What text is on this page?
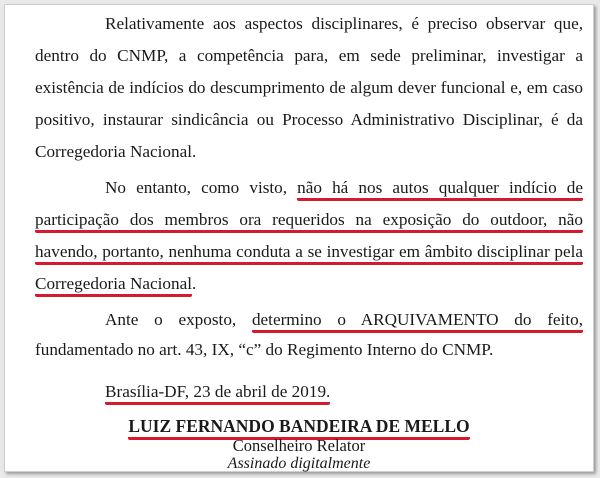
Relativamente aos aspectos disciplinares, é preciso observar que,
dentro do CNMP, a competência para, em sede preliminar, investigar a
existência de indícios do descumprimento de algum dever funcional e, em caso
positivo, instaurar sindicância ou Processo Administrativo Disciplinar, é da
Corregedoria Nacional.
No entanto, como visto, não há nos autos qualquer indício de
participação dos membros ora requeridos na exposição do outdoor, não
havendo, portanto, nenhuma conduta a se investigar em âmbito disciplinar pela
Corregedoria Nacional.
Ante o exposto, determino o ARQUIVAMENTO do feito,
fundamentado no art. 43, IX, “c” do Regimento Interno do CNMP.
Brasília-DF, 23 de abril de 2019.
LUIZ FERNANDO BANDEIRA DE MELLO
Conselheiro Relator
Assinado digitalmente
